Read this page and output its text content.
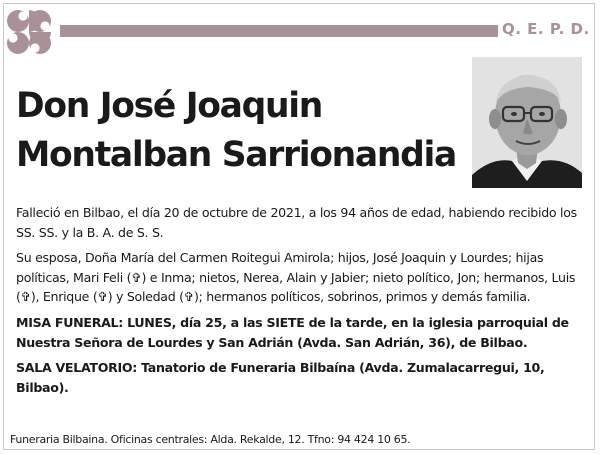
Q. E. P. D.
Don José Joaquin
Montalban Sarrionandia

Falleció en Bilbao, el día 20 de octubre de 2021, a los 94 años de edad, habiendo recibido los SS. SS. y la B. A. de S. S.

Su esposa, Doña María del Carmen Roitegui Amirola; hijos, José Joaquin y Lourdes; hijas políticas, Mari Feli (✞) e Inma; nietos, Nerea, Alain y Jabier; nieto político, Jon; hermanos, Luis (✞), Enrique (✞) y Soledad (✞); hermanos políticos, sobrinos, primos y demás familia.

MISA FUNERAL: LUNES, día 25, a las SIETE de la tarde, en la iglesia parroquial de Nuestra Señora de Lourdes y San Adrián (Avda. San Adrián, 36), de Bilbao.

SALA VELATORIO: Tanatorio de Funeraria Bilbaína (Avda. Zumalacarregui, 10, Bilbao).

Funeraria Bilbaina. Oficinas centrales: Alda. Rekalde, 12. Tfno: 94 424 10 65.
